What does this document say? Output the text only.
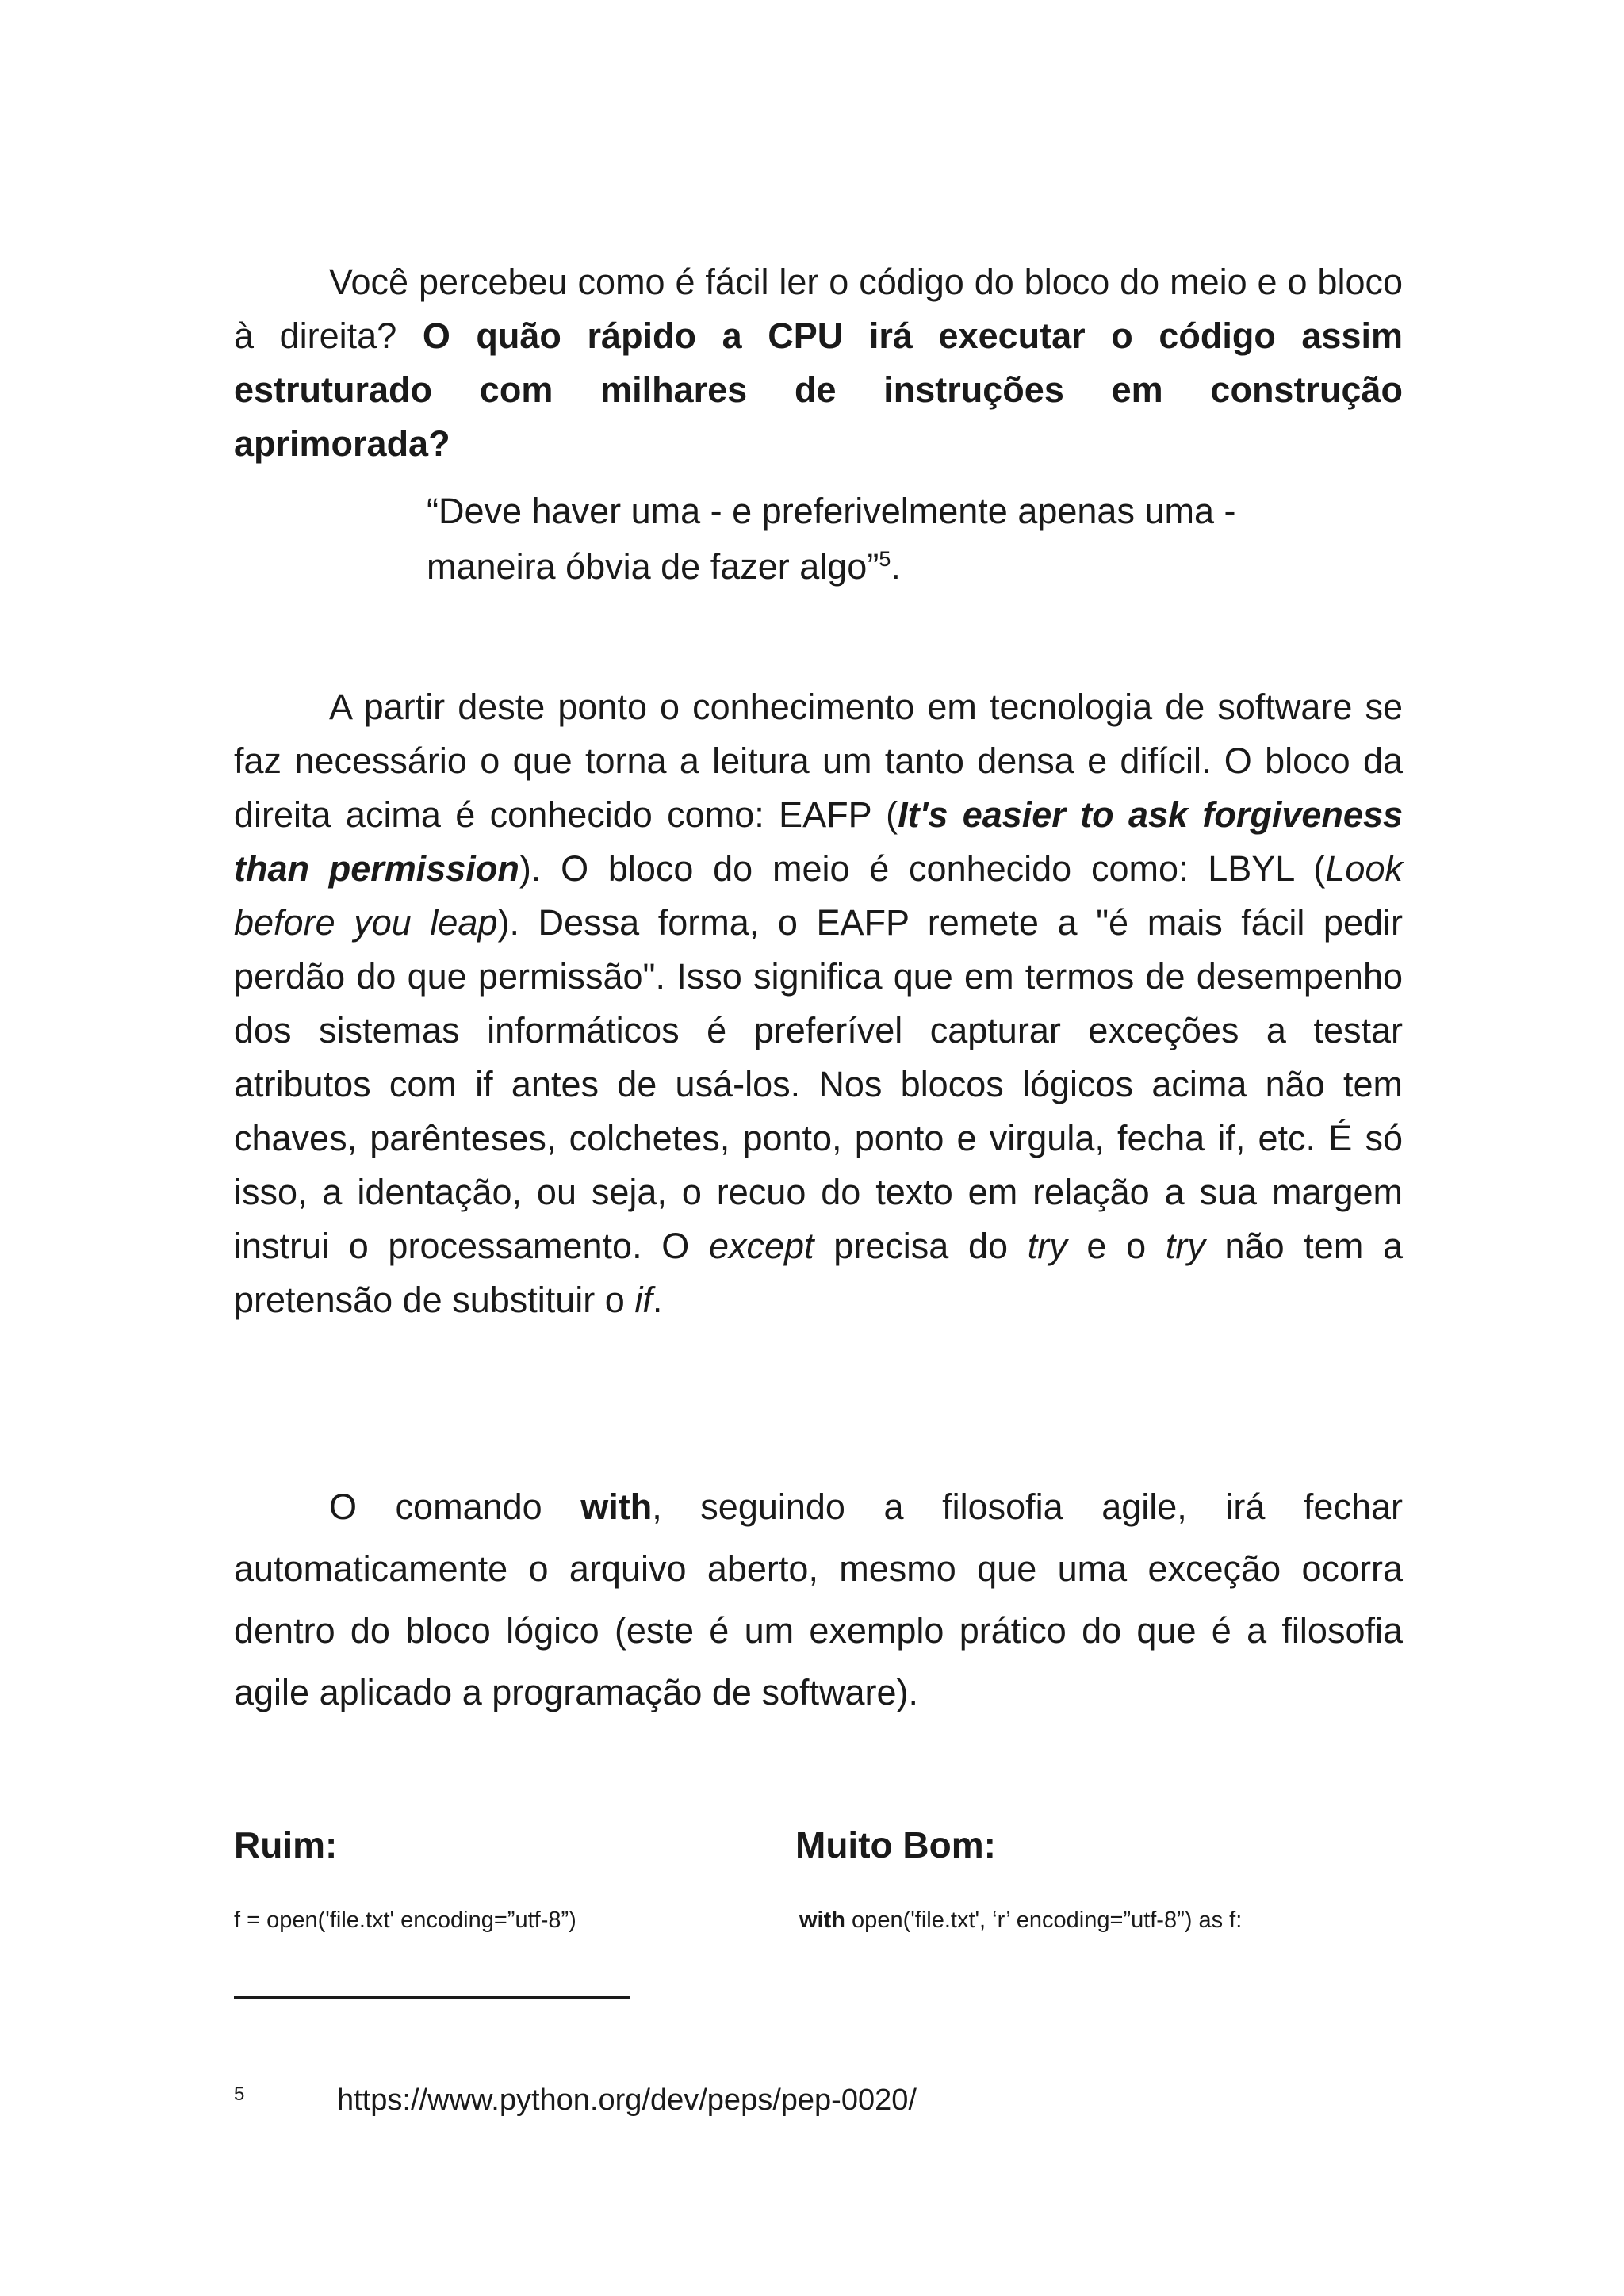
Você percebeu como é fácil ler o código do bloco do meio e o bloco à direita? O quão rápido a CPU irá executar o código assim estruturado com milhares de instruções em construção aprimorada?

“Deve haver uma - e preferivelmente apenas uma - maneira óbvia de fazer algo”$^5$.

A partir deste ponto o conhecimento em tecnologia de software se faz necessário o que torna a leitura um tanto densa e difícil. O bloco da direita acima é conhecido como: EAFP (It's easier to ask forgiveness than permission). O bloco do meio é conhecido como: LBYL (Look before you leap). Dessa forma, o EAFP remete a "é mais fácil pedir perdão do que permissão". Isso significa que em termos de desempenho dos sistemas informáticos é preferível capturar exceções a testar atributos com if antes de usá-los. Nos blocos lógicos acima não tem chaves, parênteses, colchetes, ponto, ponto e virgula, fecha if, etc. É só isso, a identação, ou seja, o recuo do texto em relação a sua margem instrui o processamento. O except precisa do try e o try não tem a pretensão de substituir o if.

O comando with, seguindo a filosofia agile, irá fechar automaticamente o arquivo aberto, mesmo que uma exceção ocorra dentro do bloco lógico (este é um exemplo prático do que é a filosofia agile aplicado a programação de software).

Ruim:	Muito Bom:

f = open('file.txt' encoding=”utf-8”)	with open('file.txt', ‘r’ encoding=”utf-8”) as f:

5	https://www.python.org/dev/peps/pep-0020/
